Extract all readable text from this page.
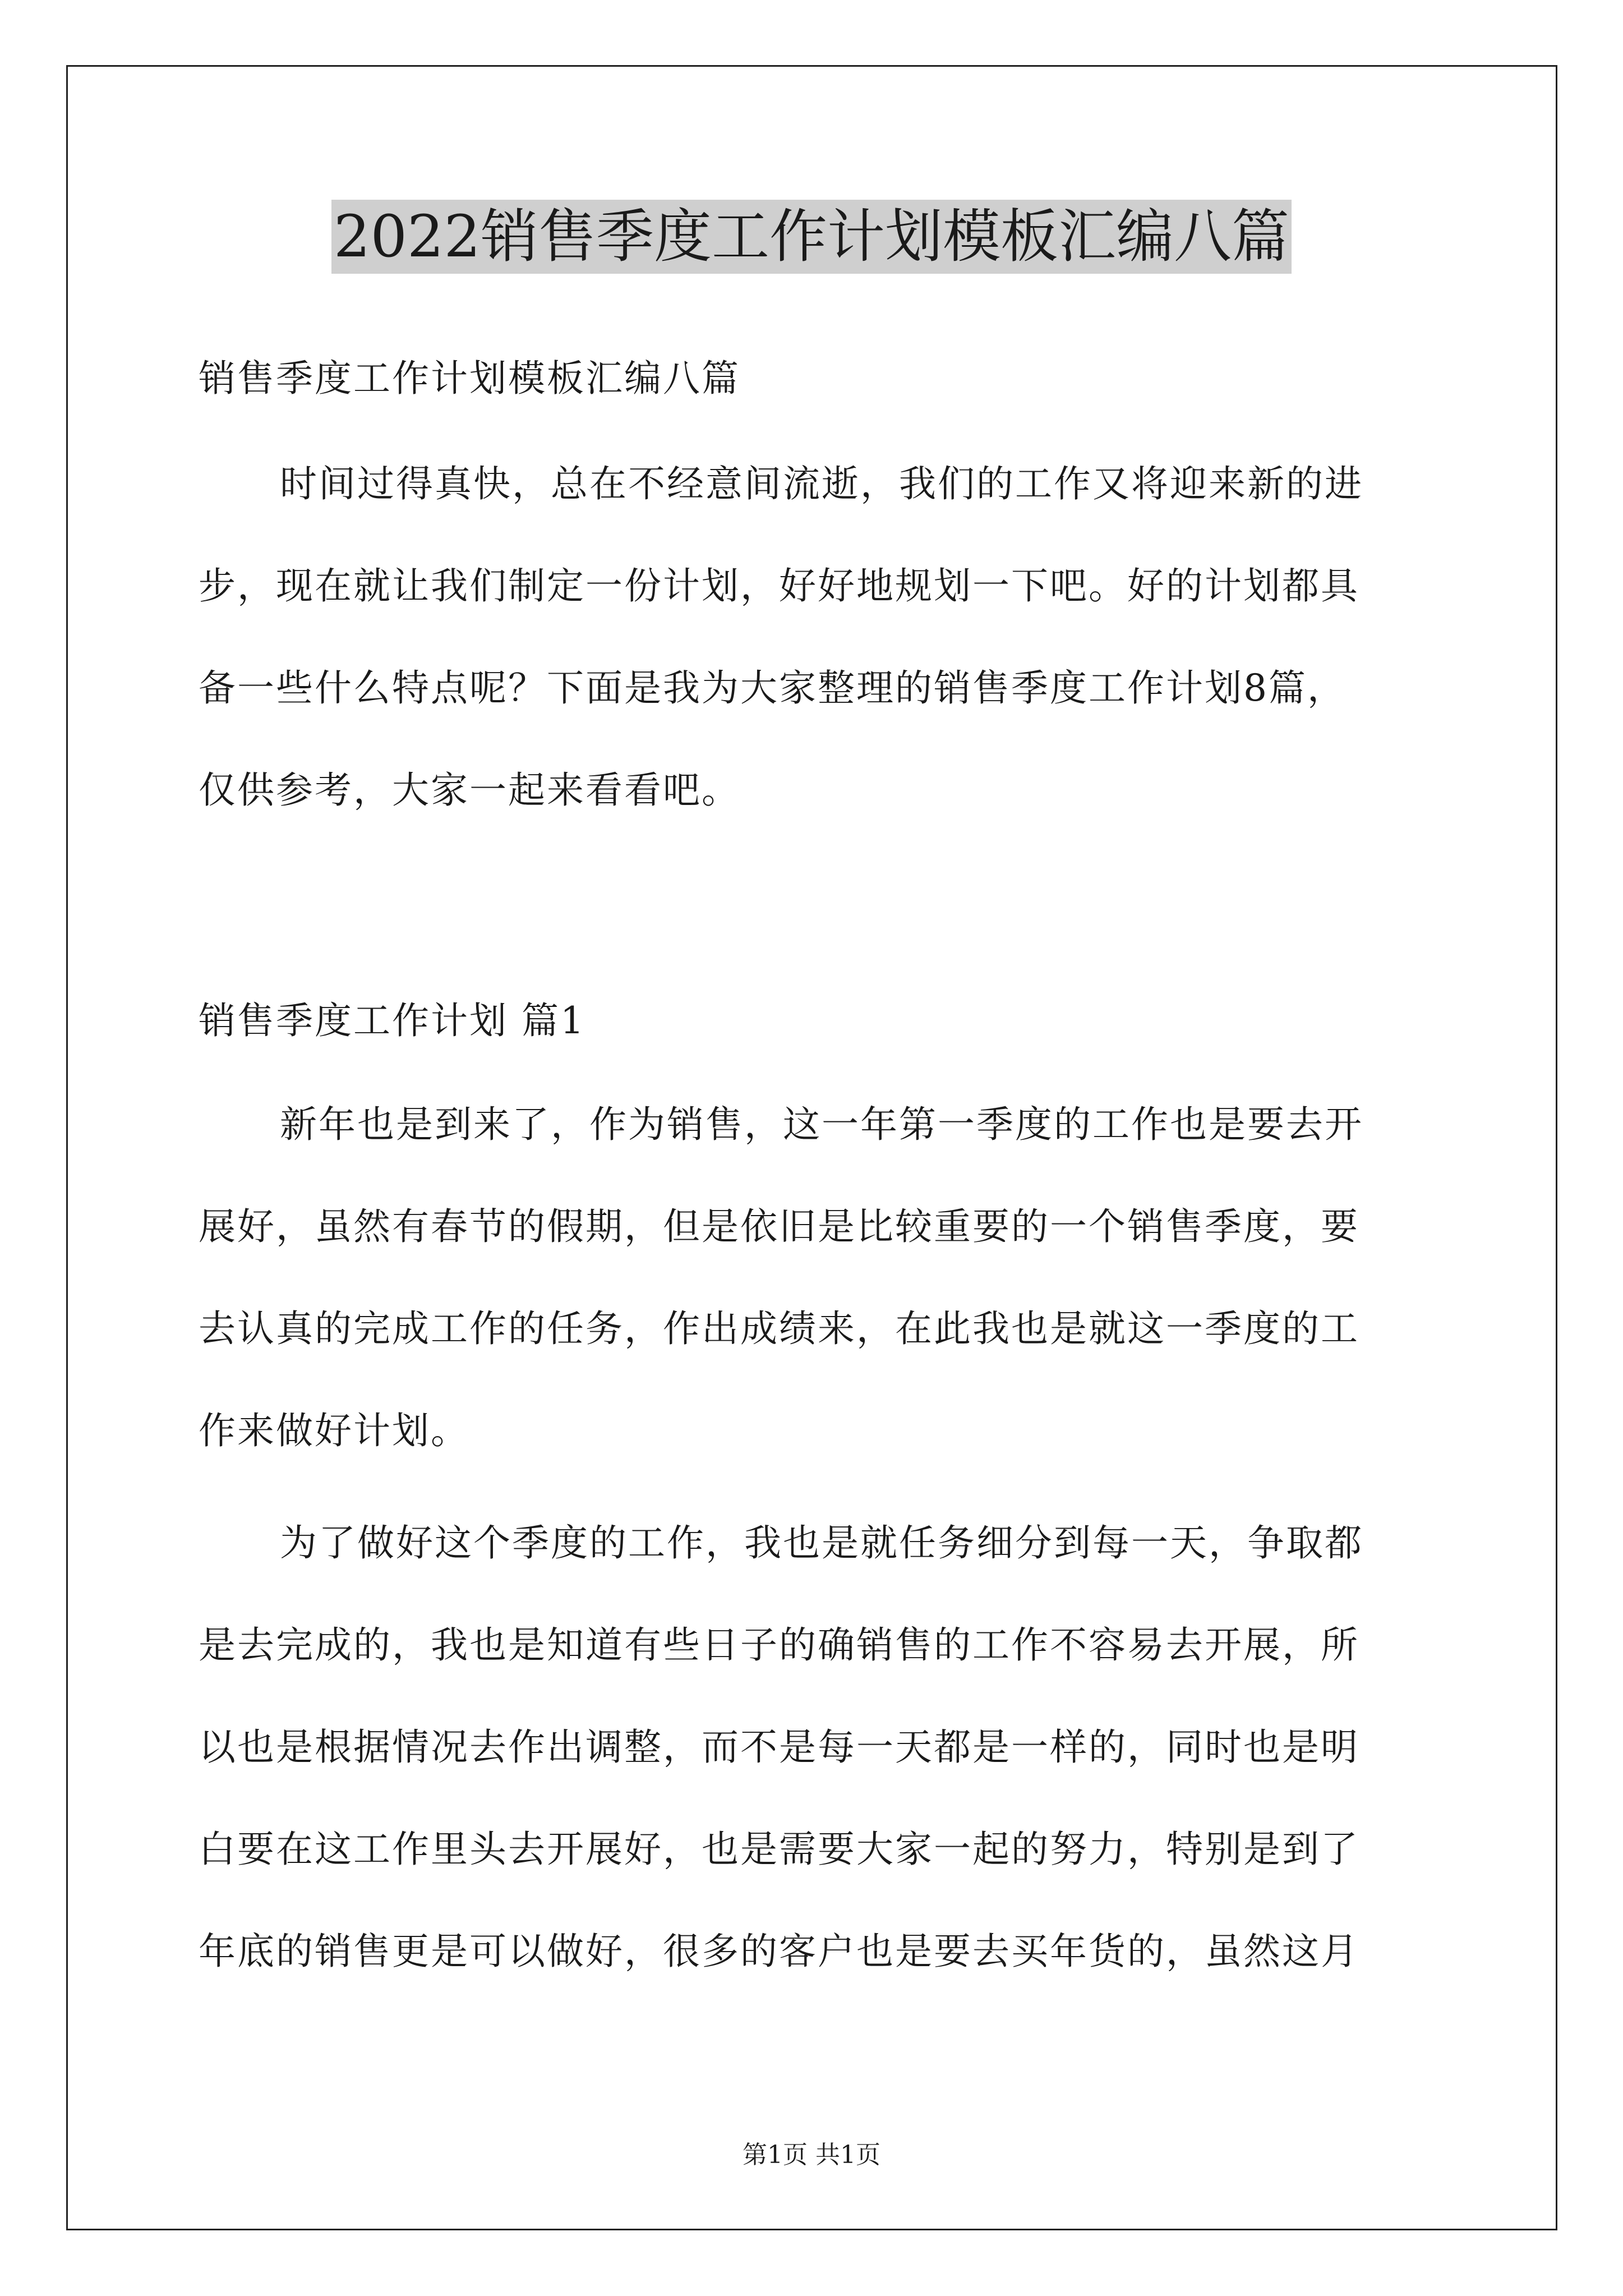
2022销售季度工作计划模板汇编八篇
销售季度工作计划模板汇编八篇
时间过得真快，总在不经意间流逝，我们的工作又将迎来新的进
步，现在就让我们制定一份计划，好好地规划一下吧。好的计划都具
备一些什么特点呢？下面是我为大家整理的销售季度工作计划8篇，
仅供参考，大家一起来看看吧。
销售季度工作计划 篇1
新年也是到来了，作为销售，这一年第一季度的工作也是要去开
展好，虽然有春节的假期，但是依旧是比较重要的一个销售季度，要
去认真的完成工作的任务，作出成绩来，在此我也是就这一季度的工
作来做好计划。
为了做好这个季度的工作，我也是就任务细分到每一天，争取都
是去完成的，我也是知道有些日子的确销售的工作不容易去开展，所
以也是根据情况去作出调整，而不是每一天都是一样的，同时也是明
白要在这工作里头去开展好，也是需要大家一起的努力，特别是到了
年底的销售更是可以做好，很多的客户也是要去买年货的，虽然这月
第1页 共1页
